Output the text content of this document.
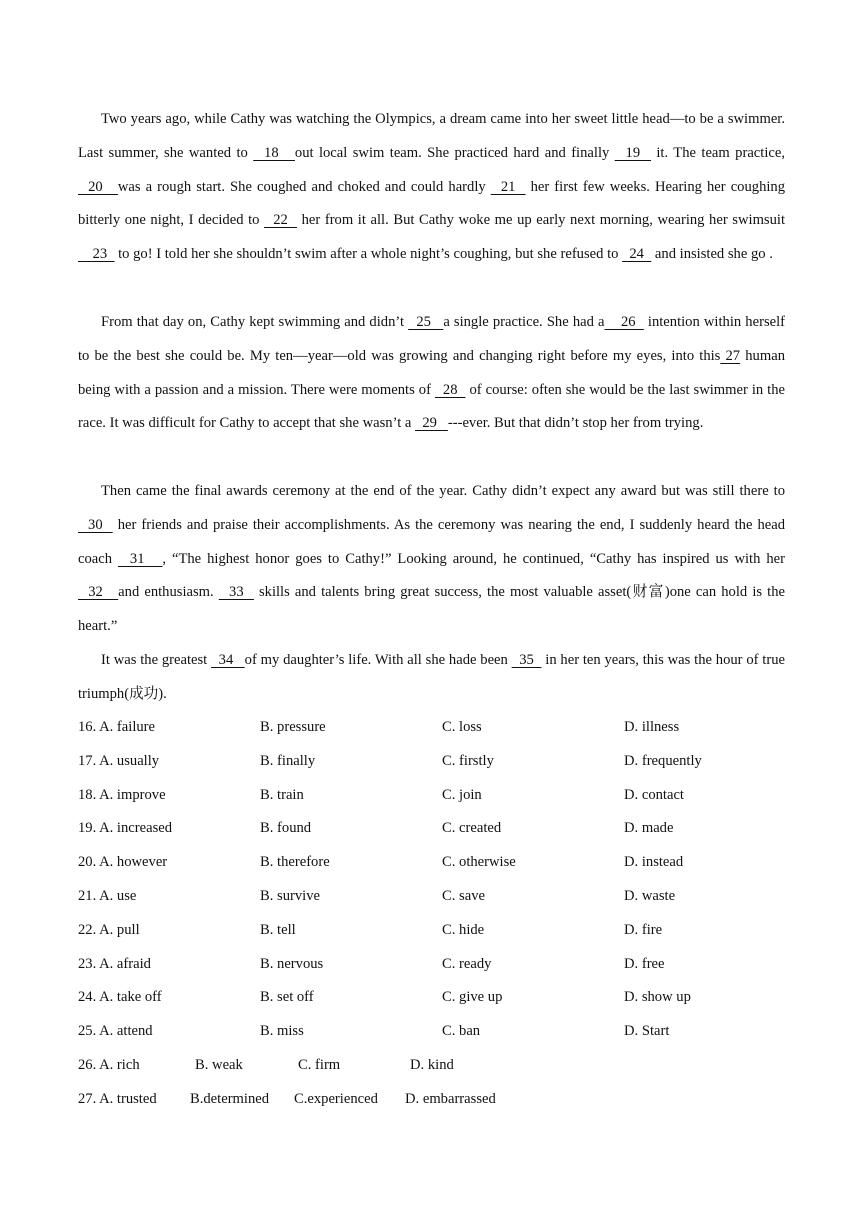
Two years ago, while Cathy was watching the Olympics, a dream came into her sweet little head—to be a swimmer. Last summer, she wanted to   18   out local swim team. She practiced hard and finally   19   it. The team practice,   20   was a rough start. She coughed and choked and could hardly   21   her first few weeks. Hearing her coughing bitterly one night, I decided to   22   her from it all. But Cathy woke me up early next morning, wearing her swimsuit    23   to go! I told her she shouldn’t swim after a whole night’s coughing, but she refused to   24   and insisted she go .

From that day on, Cathy kept swimming and didn’t   25   a single practice. She had a    26   intention within herself to be the best she could be. My ten—year—old was growing and changing right before my eyes, into this 27 human being with a passion and a mission. There were moments of   28   of course: often she would be the last swimmer in the race. It was difficult for Cathy to accept that she wasn’t a   29   ---ever. But that didn’t stop her from trying.

Then came the final awards ceremony at the end of the year. Cathy didn’t expect any award but was still there to   30   her friends and praise their accomplishments. As the ceremony was nearing the end, I suddenly heard the head coach   31   , “The highest honor goes to Cathy!” Looking around, he continued, “Cathy has inspired us with her   32   and enthusiasm.   33   skills and talents bring great success, the most valuable asset(财富)one can hold is the heart.”

It was the greatest   34   of my daughter’s life. With all she hade been   35   in her ten years, this was the hour of true triumph(成功).

16. A. failure	B. pressure	C. loss	D. illness
17. A. usually	B. finally	C. firstly	D. frequently
18. A. improve	B. train	C. join	D. contact
19. A. increased	B. found	C. created	D. made
20. A. however	B. therefore	C. otherwise	D. instead
21. A. use	B. survive	C. save	D. waste
22. A. pull	B. tell	C. hide	D. fire
23. A. afraid	B. nervous	C. ready	D. free
24. A. take off	B. set off	C. give up	D. show up
25. A. attend	B. miss	C. ban	D. Start
26. A. rich	B. weak	C. firm	D. kind
27. A. trusted B.determined C.experienced D. embarrassed
